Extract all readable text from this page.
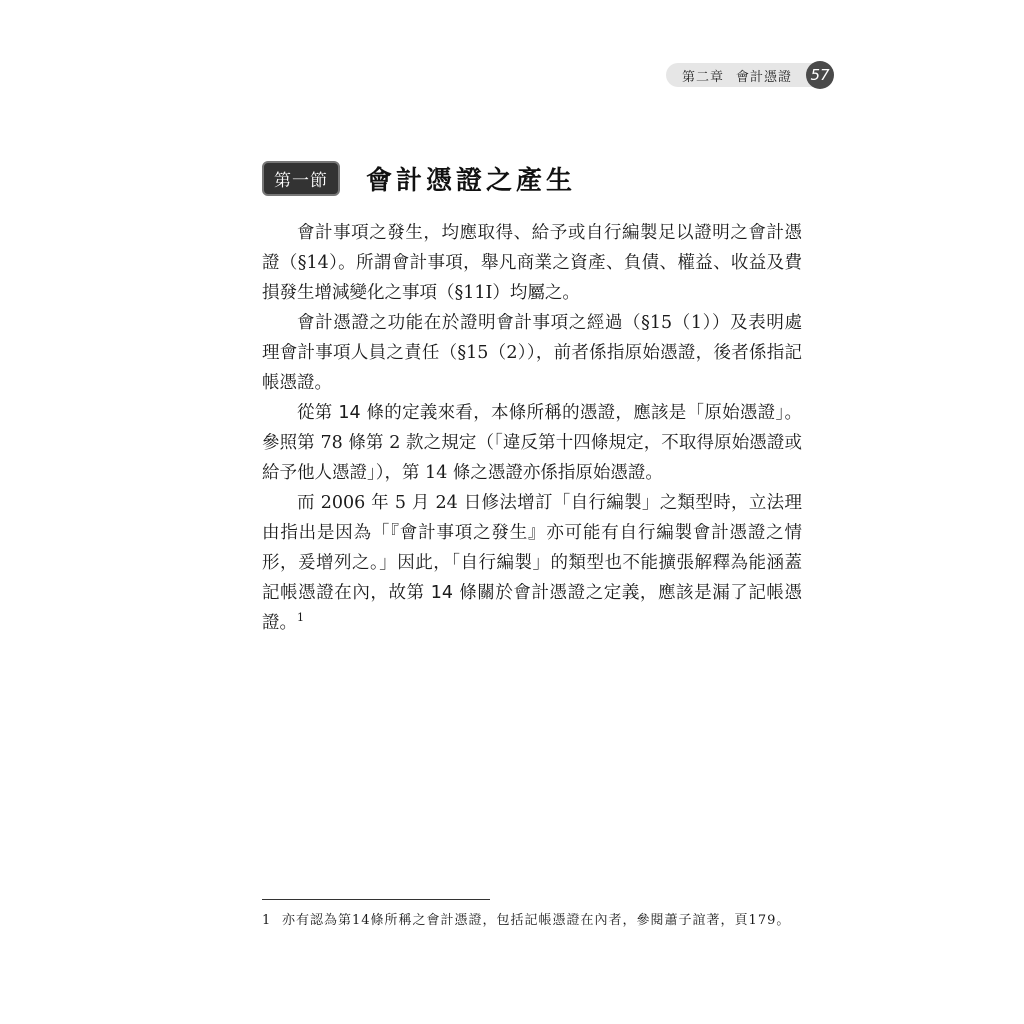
第二章 會計憑證 57
第一節	會計憑證之產生

會計事項之發生，均應取得、給予或自行編製足以證明之會計憑證（§14）。所謂會計事項，舉凡商業之資產、負債、權益、收益及費損發生增減變化之事項（§11I）均屬之。

會計憑證之功能在於證明會計事項之經過（§15（1））及表明處理會計事項人員之責任（§15（2）），前者係指原始憑證，後者係指記帳憑證。

從第 14 條的定義來看，本條所稱的憑證，應該是「原始憑證」。參照第 78 條第 2 款之規定（「違反第十四條規定，不取得原始憑證或給予他人憑證」），第 14 條之憑證亦係指原始憑證。

而 2006 年 5 月 24 日修法增訂「自行編製」之類型時，立法理由指出是因為「『會計事項之發生』亦可能有自行編製會計憑證之情形，爰增列之。」因此，「自行編製」的類型也不能擴張解釋為能涵蓋記帳憑證在內，故第 14 條關於會計憑證之定義，應該是漏了記帳憑證。$^1$

1 亦有認為第14條所稱之會計憑證，包括記帳憑證在內者，參閱蕭子誼著，頁179。
